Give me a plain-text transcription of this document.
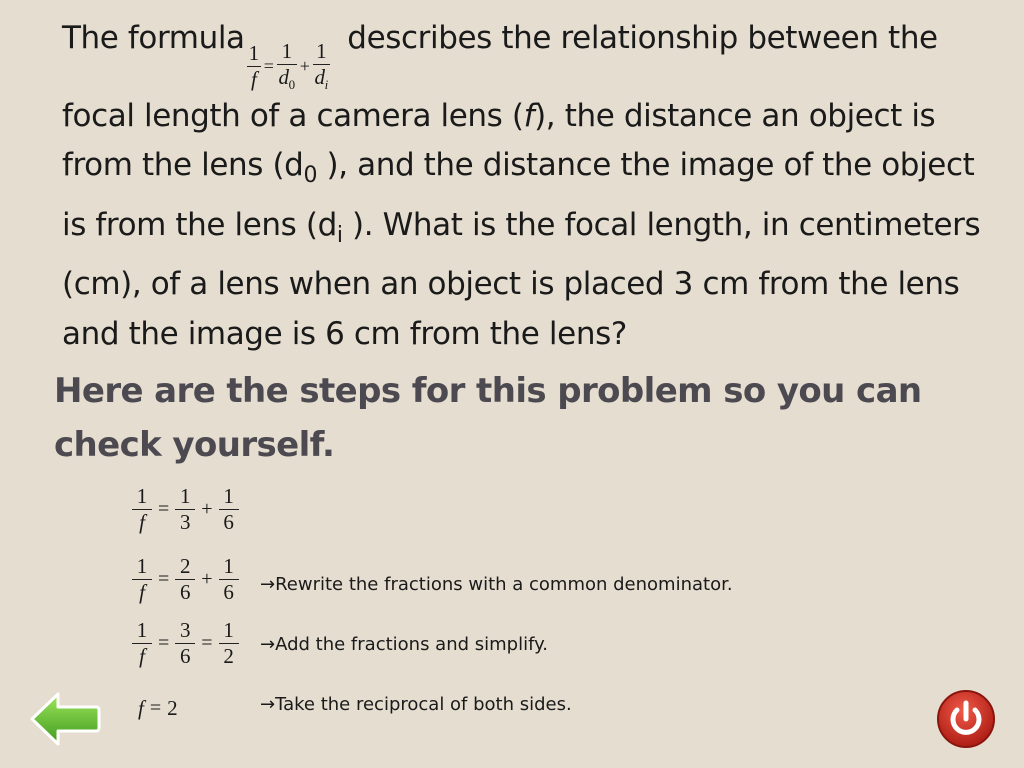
The formula
$\frac{1}{f} = \frac{1}{d_0} + \frac{1}{d_i}$
describes the relationship between the focal length of a camera lens (f), the distance an object is from the lens ($d_0$ ), and the distance the image of the object is from the lens ($d_i$ ). What is the focal length, in centimeters (cm), of a lens when an object is placed 3 cm from the lens and the image is 6 cm from the lens?
Here are the steps for this problem so you can check yourself.
$\frac{1}{f} = \frac{1}{3} + \frac{1}{6}$
$\frac{1}{f} = \frac{2}{6} + \frac{1}{6}$ →Rewrite the fractions with a common denominator.
$\frac{1}{f} = \frac{3}{6} = \frac{1}{2} \to Add$ the fractions and simplify.
f = 2	→Take the reciprocal of both sides.
